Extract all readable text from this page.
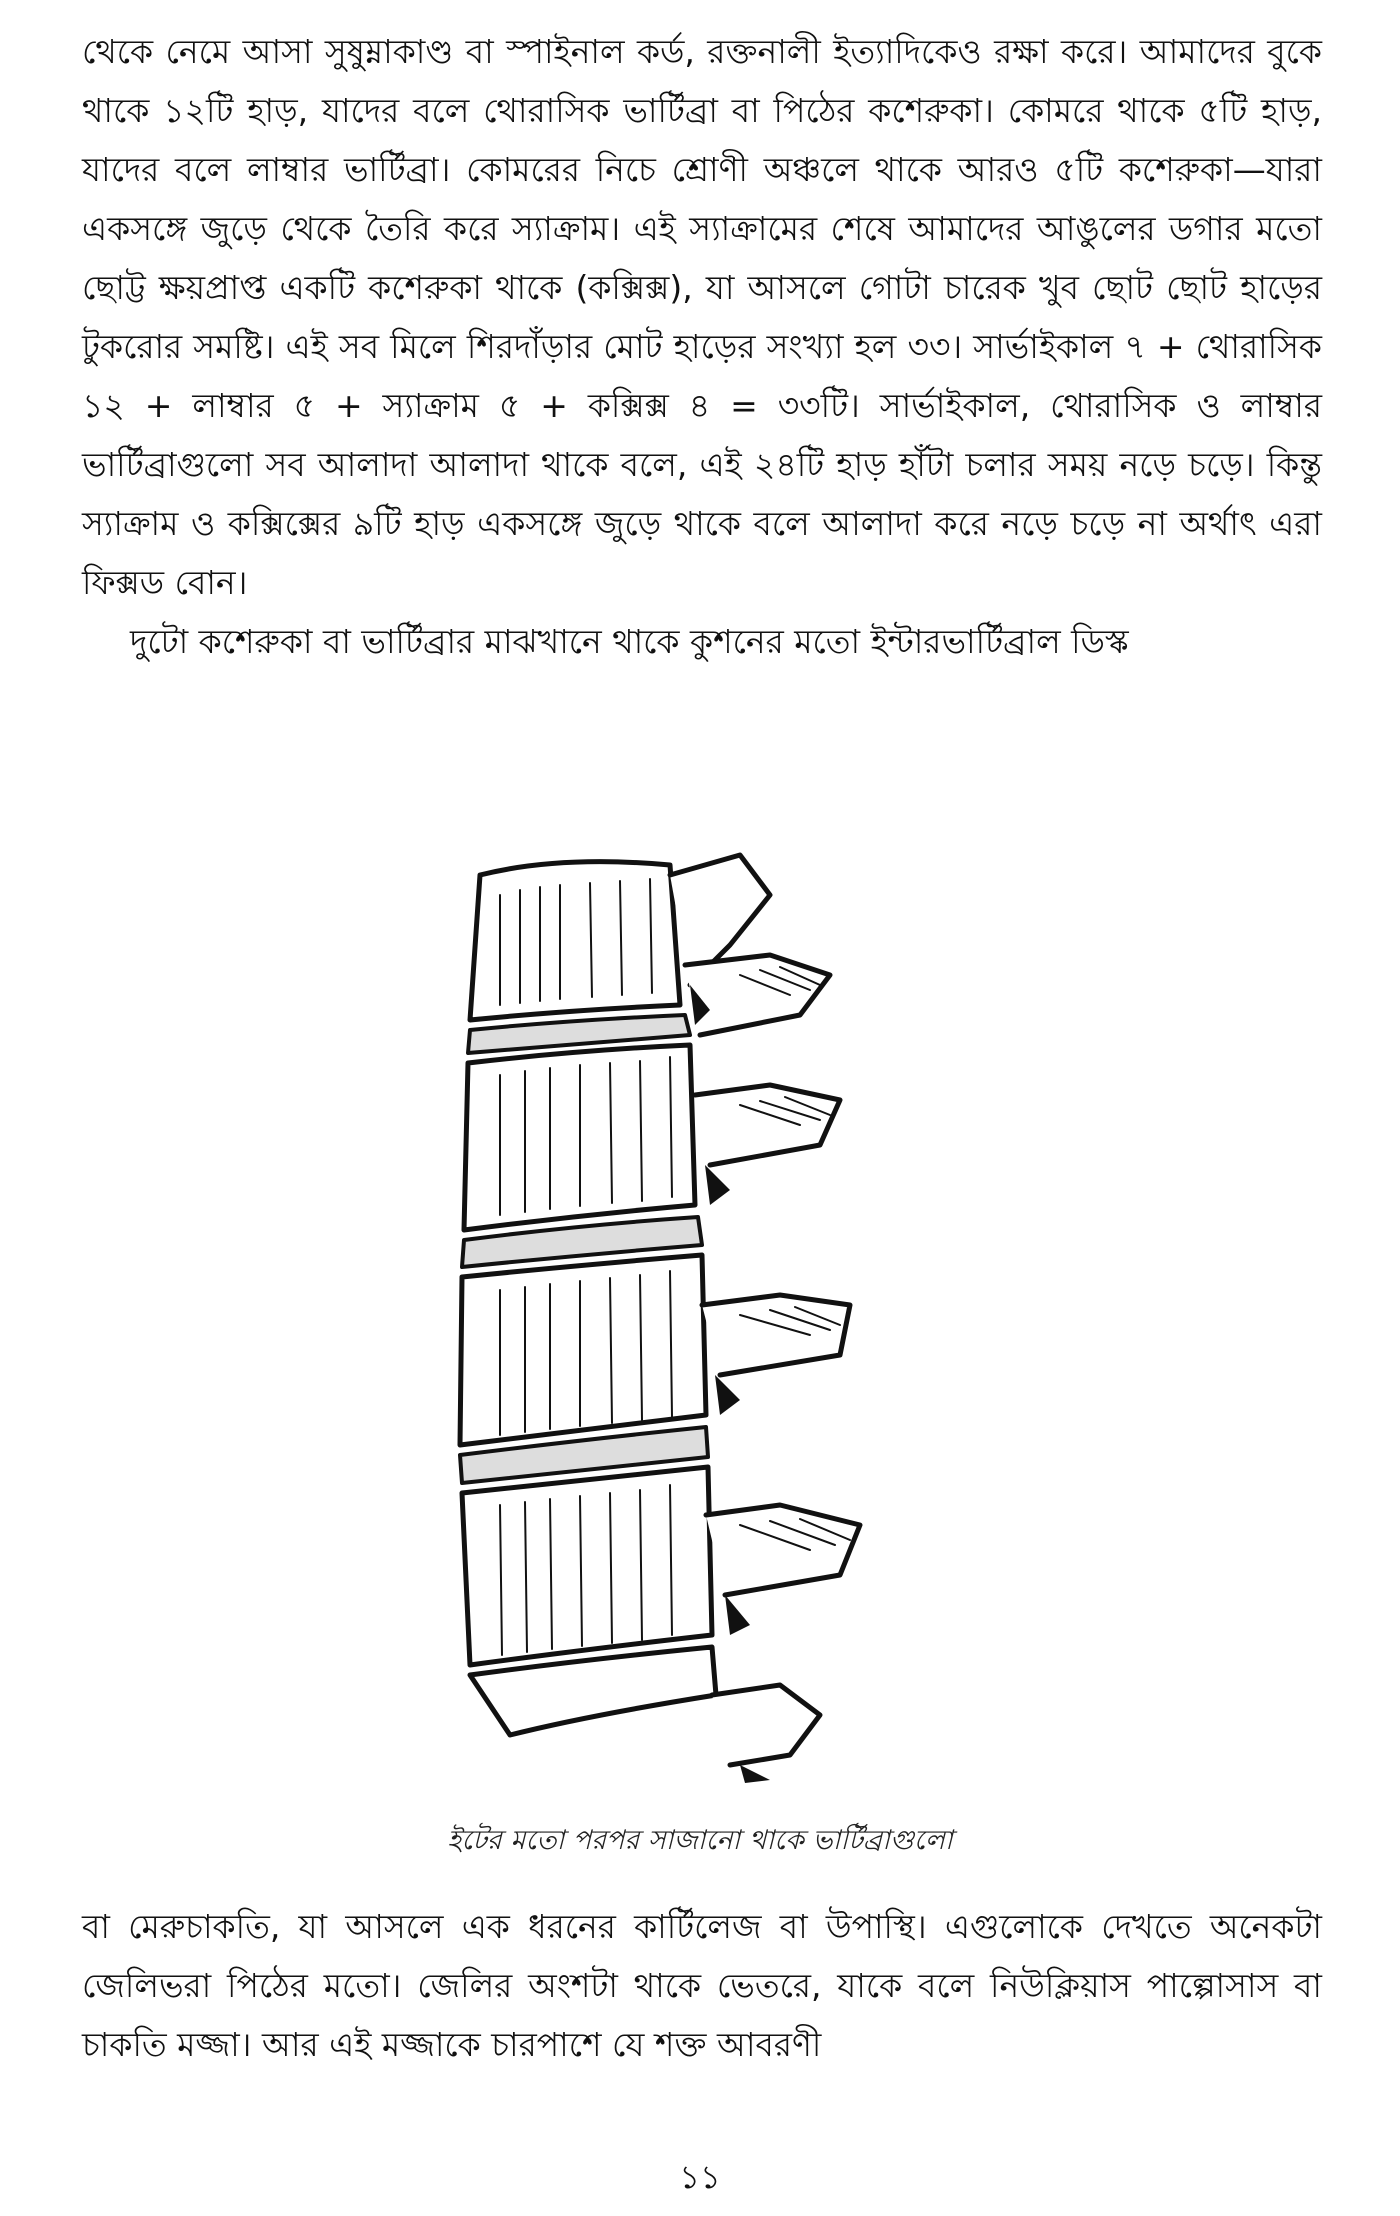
থেকে নেমে আসা সুষুম্নাকাণ্ড বা স্পাইনাল কর্ড, রক্তনালী ইত্যাদিকেও রক্ষা করে। আমাদের বুকে থাকে ১২টি হাড়, যাদের বলে থোরাসিক ভার্টিব্রা বা পিঠের কশেরুকা। কোমরে থাকে ৫টি হাড়, যাদের বলে লাম্বার ভার্টিব্রা। কোমরের নিচে শ্রোণী অঞ্চলে থাকে আরও ৫টি কশেরুকা—যারা একসঙ্গে জুড়ে থেকে তৈরি করে স্যাক্রাম। এই স্যাক্রামের শেষে আমাদের আঙুলের ডগার মতো ছোট্ট ক্ষয়প্রাপ্ত একটি কশেরুকা থাকে (কক্সিক্স), যা আসলে গোটা চারেক খুব ছোট ছোট হাড়ের টুকরোর সমষ্টি। এই সব মিলে শিরদাঁড়ার মোট হাড়ের সংখ্যা হল ৩৩। সার্ভাইকাল ৭ + থোরাসিক ১২ + লাম্বার ৫ + স্যাক্রাম ৫ + কক্সিক্স ৪ = ৩৩টি। সার্ভাইকাল, থোরাসিক ও লাম্বার ভার্টিব্রাগুলো সব আলাদা আলাদা থাকে বলে, এই ২৪টি হাড় হাঁটা চলার সময় নড়ে চড়ে। কিন্তু স্যাক্রাম ও কক্সিক্সের ৯টি হাড় একসঙ্গে জুড়ে থাকে বলে আলাদা করে নড়ে চড়ে না অর্থাৎ এরা ফিক্সড বোন।

দুটো কশেরুকা বা ভার্টিব্রার মাঝখানে থাকে কুশনের মতো ইন্টারভার্টিব্রাল ডিস্ক

ইটের মতো পরপর সাজানো থাকে ভার্টিব্রাগুলো

বা মেরুচাকতি, যা আসলে এক ধরনের কার্টিলেজ বা উপাস্থি। এগুলোকে দেখতে অনেকটা জেলিভরা পিঠের মতো। জেলির অংশটা থাকে ভেতরে, যাকে বলে নিউক্লিয়াস পাল্পোসাস বা চাকতি মজ্জা। আর এই মজ্জাকে চারপাশে যে শক্ত আবরণী

১১
